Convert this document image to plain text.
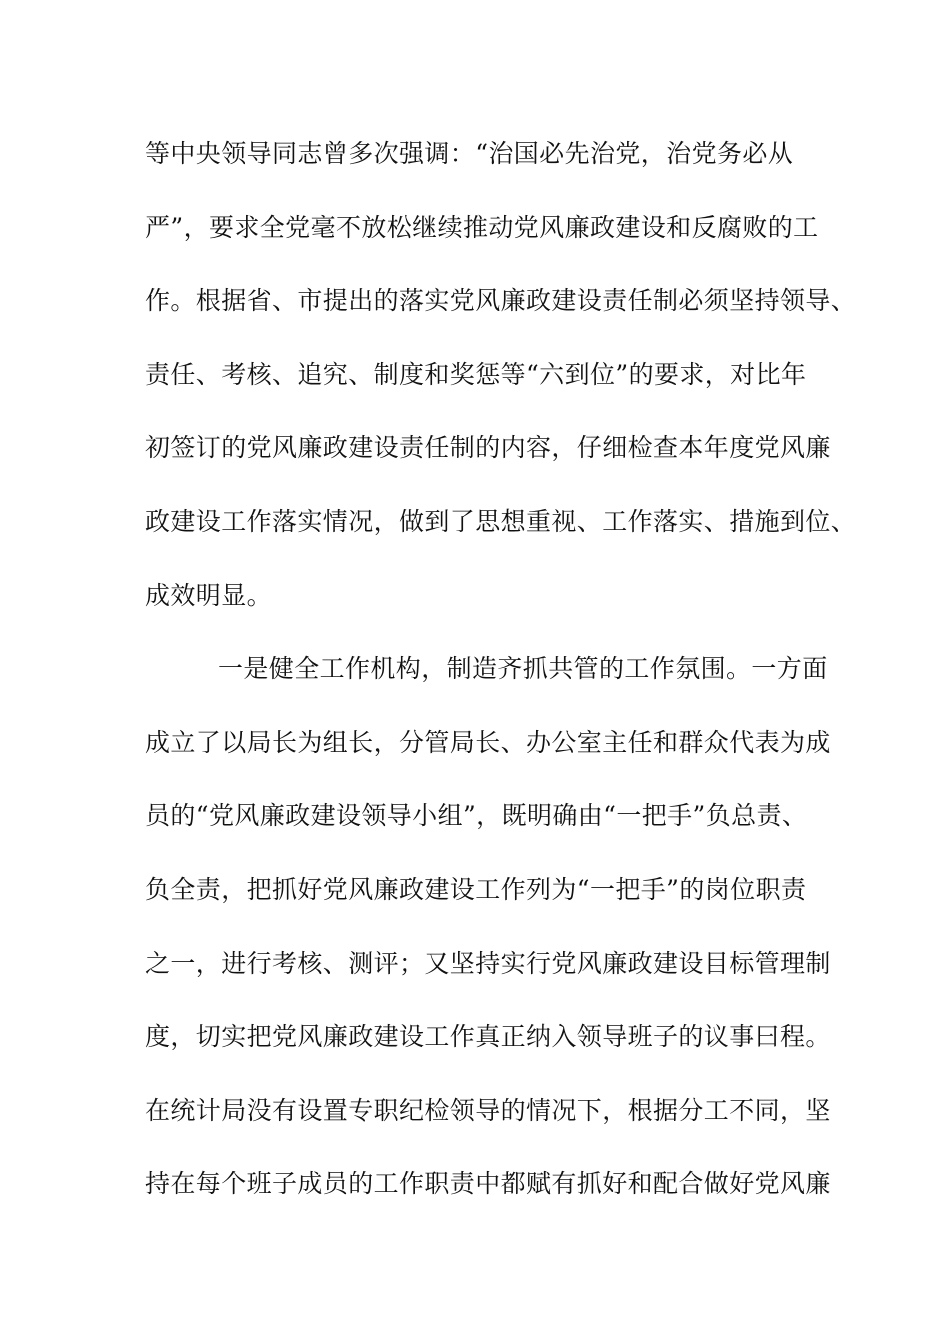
等中央领导同志曾多次强调：“治国必先治党，治党务必从
严”，要求全党毫不放松继续推动党风廉政建设和反腐败的工
作。根据省、市提出的落实党风廉政建设责任制必须坚持领导、
责任、考核、追究、制度和奖惩等“六到位”的要求，对比年
初签订的党风廉政建设责任制的内容，仔细检查本年度党风廉
政建设工作落实情况，做到了思想重视、工作落实、措施到位、
成效明显。
一是健全工作机构，制造齐抓共管的工作氛围。一方面
成立了以局长为组长，分管局长、办公室主任和群众代表为成
员的“党风廉政建设领导小组”，既明确由“一把手”负总责、
负全责，把抓好党风廉政建设工作列为“一把手”的岗位职责
之一，进行考核、测评；又坚持实行党风廉政建设目标管理制
度，切实把党风廉政建设工作真正纳入领导班子的议事曰程。
在统计局没有设置专职纪检领导的情况下，根据分工不同，坚
持在每个班子成员的工作职责中都赋有抓好和配合做好党风廉
